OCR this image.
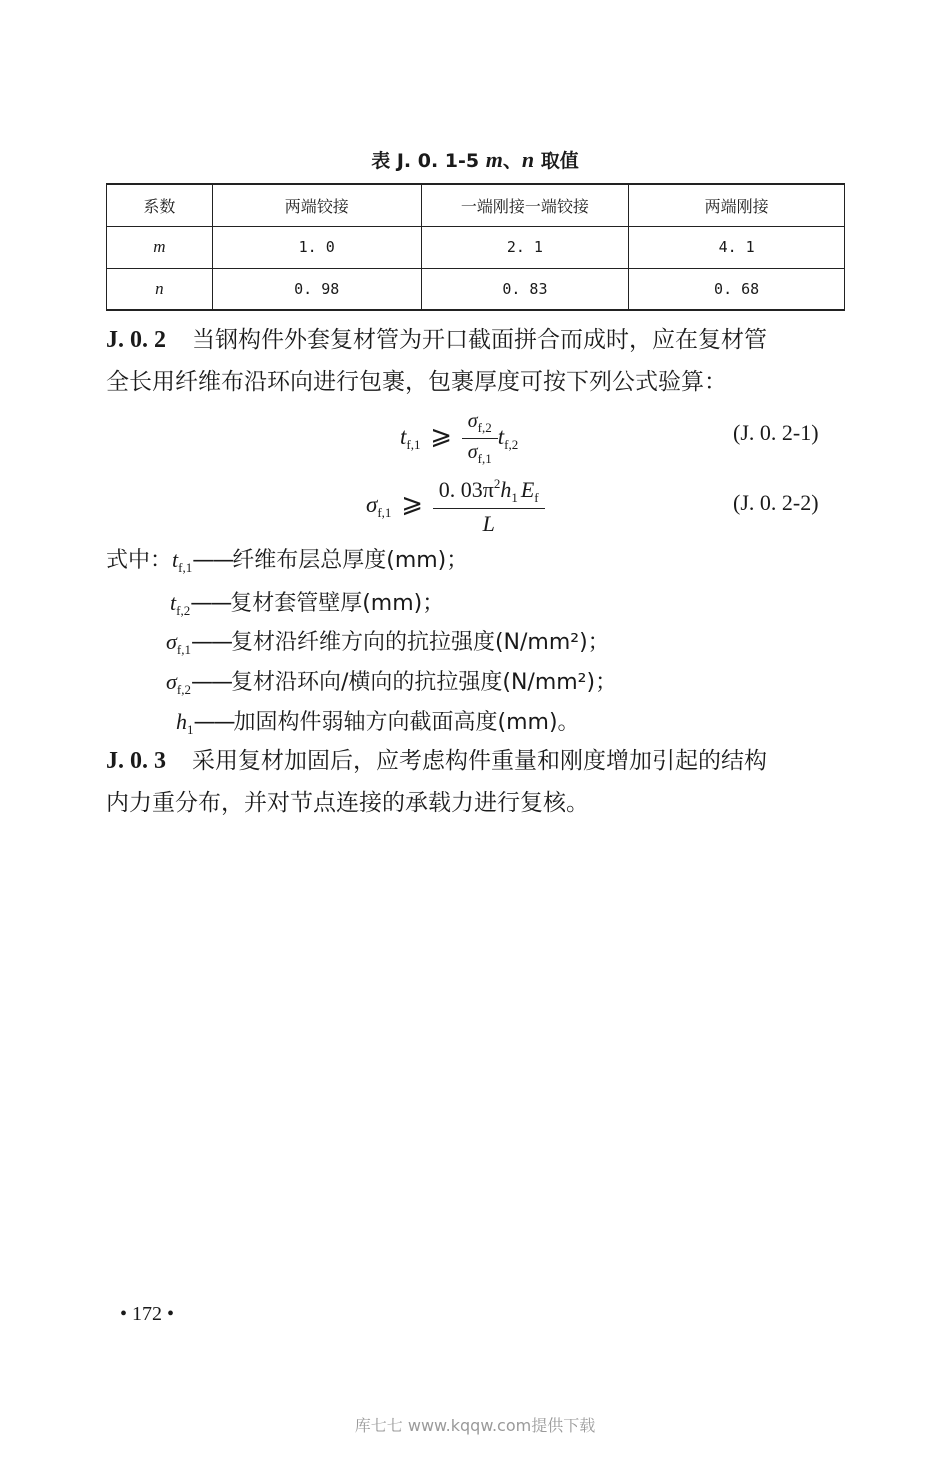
表 J. 0. 1-5 m、n 取值
系数	两端铰接	一端刚接一端铰接	两端刚接
m	1. 0	2. 1	4. 1
n	0. 98	0. 83	0. 68
J. 0. 2 当钢构件外套复材管为开口截面拼合而成时，应在复材管
全长用纤维布沿环向进行包裹，包裹厚度可按下列公式验算：
$t_{f,1}$ ⩾ $\frac{\sigma_{f,2}}{\sigma_{f,1}} t_{f,2}$	(J. 0. 2-1)
$\sigma_{f,1}$ ⩾ $\frac{0. 03\pi^2h_1 E_f}{L}$	(J. 0. 2-2)
式中：$t_{f,1}——$纤维布层总厚度(mm)；
$t_{f,2}——$复材套管壁厚(mm)；
$\sigma_{f,1}——$复材沿纤维方向的抗拉强度(N/mm²)；
$\sigma_{f,2}——$复材沿环向/横向的抗拉强度(N/mm²)；
$h_1——$加固构件弱轴方向截面高度(mm)。
J. 0. 3 采用复材加固后，应考虑构件重量和刚度增加引起的结构
内力重分布，并对节点连接的承载力进行复核。
• 172 •
库七七 www.kqqw.com提供下载
